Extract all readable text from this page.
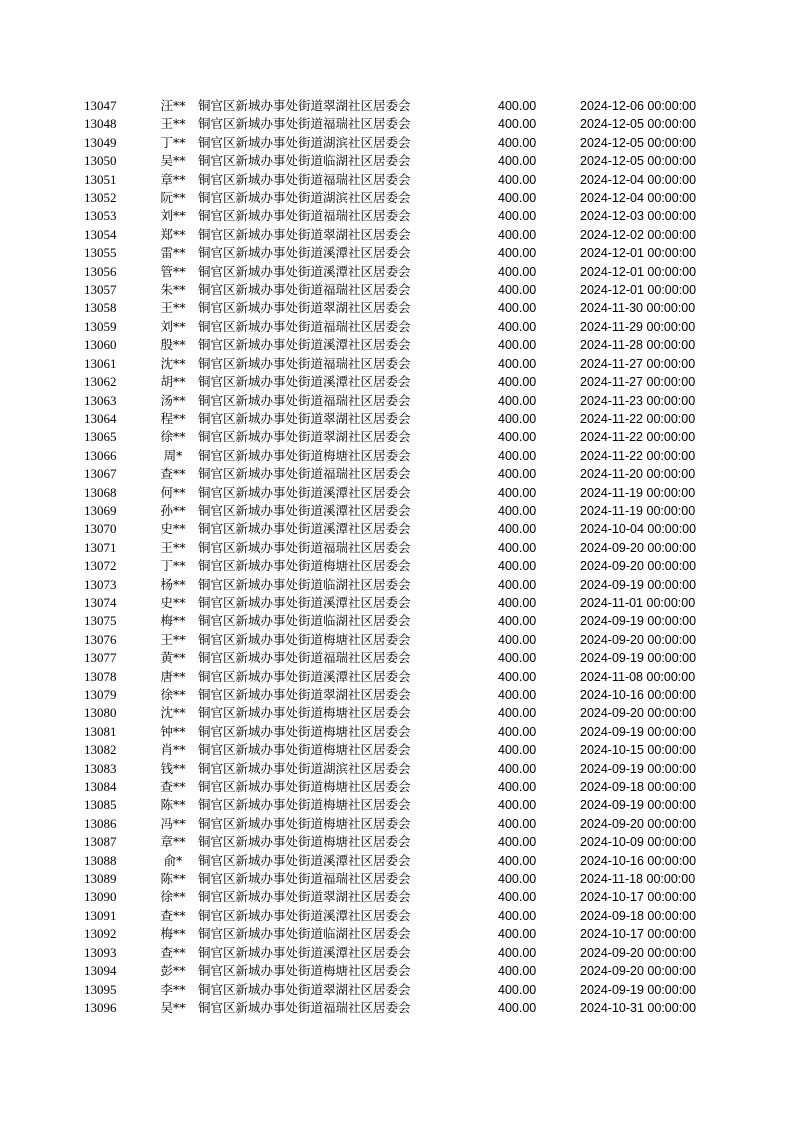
13047	汪**	铜官区新城办事处街道翠湖社区居委会	400.00	2024-12-06 00:00:00
13048	王**	铜官区新城办事处街道福瑞社区居委会	400.00	2024-12-05 00:00:00
13049	丁**	铜官区新城办事处街道湖滨社区居委会	400.00	2024-12-05 00:00:00
13050	吴**	铜官区新城办事处街道临湖社区居委会	400.00	2024-12-05 00:00:00
13051	章**	铜官区新城办事处街道福瑞社区居委会	400.00	2024-12-04 00:00:00
13052	阮**	铜官区新城办事处街道湖滨社区居委会	400.00	2024-12-04 00:00:00
13053	刘**	铜官区新城办事处街道福瑞社区居委会	400.00	2024-12-03 00:00:00
13054	郑**	铜官区新城办事处街道翠湖社区居委会	400.00	2024-12-02 00:00:00
13055	雷**	铜官区新城办事处街道溪潭社区居委会	400.00	2024-12-01 00:00:00
13056	管**	铜官区新城办事处街道溪潭社区居委会	400.00	2024-12-01 00:00:00
13057	朱**	铜官区新城办事处街道福瑞社区居委会	400.00	2024-12-01 00:00:00
13058	王**	铜官区新城办事处街道翠湖社区居委会	400.00	2024-11-30 00:00:00
13059	刘**	铜官区新城办事处街道福瑞社区居委会	400.00	2024-11-29 00:00:00
13060	殷**	铜官区新城办事处街道溪潭社区居委会	400.00	2024-11-28 00:00:00
13061	沈**	铜官区新城办事处街道福瑞社区居委会	400.00	2024-11-27 00:00:00
13062	胡**	铜官区新城办事处街道溪潭社区居委会	400.00	2024-11-27 00:00:00
13063	汤**	铜官区新城办事处街道福瑞社区居委会	400.00	2024-11-23 00:00:00
13064	程**	铜官区新城办事处街道翠湖社区居委会	400.00	2024-11-22 00:00:00
13065	徐**	铜官区新城办事处街道翠湖社区居委会	400.00	2024-11-22 00:00:00
13066	周*	铜官区新城办事处街道梅塘社区居委会	400.00	2024-11-22 00:00:00
13067	查**	铜官区新城办事处街道福瑞社区居委会	400.00	2024-11-20 00:00:00
13068	何**	铜官区新城办事处街道溪潭社区居委会	400.00	2024-11-19 00:00:00
13069	孙**	铜官区新城办事处街道溪潭社区居委会	400.00	2024-11-19 00:00:00
13070	史**	铜官区新城办事处街道溪潭社区居委会	400.00	2024-10-04 00:00:00
13071	王**	铜官区新城办事处街道福瑞社区居委会	400.00	2024-09-20 00:00:00
13072	丁**	铜官区新城办事处街道梅塘社区居委会	400.00	2024-09-20 00:00:00
13073	杨**	铜官区新城办事处街道临湖社区居委会	400.00	2024-09-19 00:00:00
13074	史**	铜官区新城办事处街道溪潭社区居委会	400.00	2024-11-01 00:00:00
13075	梅**	铜官区新城办事处街道临湖社区居委会	400.00	2024-09-19 00:00:00
13076	王**	铜官区新城办事处街道梅塘社区居委会	400.00	2024-09-20 00:00:00
13077	黄**	铜官区新城办事处街道福瑞社区居委会	400.00	2024-09-19 00:00:00
13078	唐**	铜官区新城办事处街道溪潭社区居委会	400.00	2024-11-08 00:00:00
13079	徐**	铜官区新城办事处街道翠湖社区居委会	400.00	2024-10-16 00:00:00
13080	沈**	铜官区新城办事处街道梅塘社区居委会	400.00	2024-09-20 00:00:00
13081	钟**	铜官区新城办事处街道梅塘社区居委会	400.00	2024-09-19 00:00:00
13082	肖**	铜官区新城办事处街道梅塘社区居委会	400.00	2024-10-15 00:00:00
13083	钱**	铜官区新城办事处街道湖滨社区居委会	400.00	2024-09-19 00:00:00
13084	查**	铜官区新城办事处街道梅塘社区居委会	400.00	2024-09-18 00:00:00
13085	陈**	铜官区新城办事处街道梅塘社区居委会	400.00	2024-09-19 00:00:00
13086	冯**	铜官区新城办事处街道梅塘社区居委会	400.00	2024-09-20 00:00:00
13087	章**	铜官区新城办事处街道梅塘社区居委会	400.00	2024-10-09 00:00:00
13088	俞*	铜官区新城办事处街道溪潭社区居委会	400.00	2024-10-16 00:00:00
13089	陈**	铜官区新城办事处街道福瑞社区居委会	400.00	2024-11-18 00:00:00
13090	徐**	铜官区新城办事处街道翠湖社区居委会	400.00	2024-10-17 00:00:00
13091	查**	铜官区新城办事处街道溪潭社区居委会	400.00	2024-09-18 00:00:00
13092	梅**	铜官区新城办事处街道临湖社区居委会	400.00	2024-10-17 00:00:00
13093	查**	铜官区新城办事处街道溪潭社区居委会	400.00	2024-09-20 00:00:00
13094	彭**	铜官区新城办事处街道梅塘社区居委会	400.00	2024-09-20 00:00:00
13095	李**	铜官区新城办事处街道翠湖社区居委会	400.00	2024-09-19 00:00:00
13096	吴**	铜官区新城办事处街道福瑞社区居委会	400.00	2024-10-31 00:00:00
